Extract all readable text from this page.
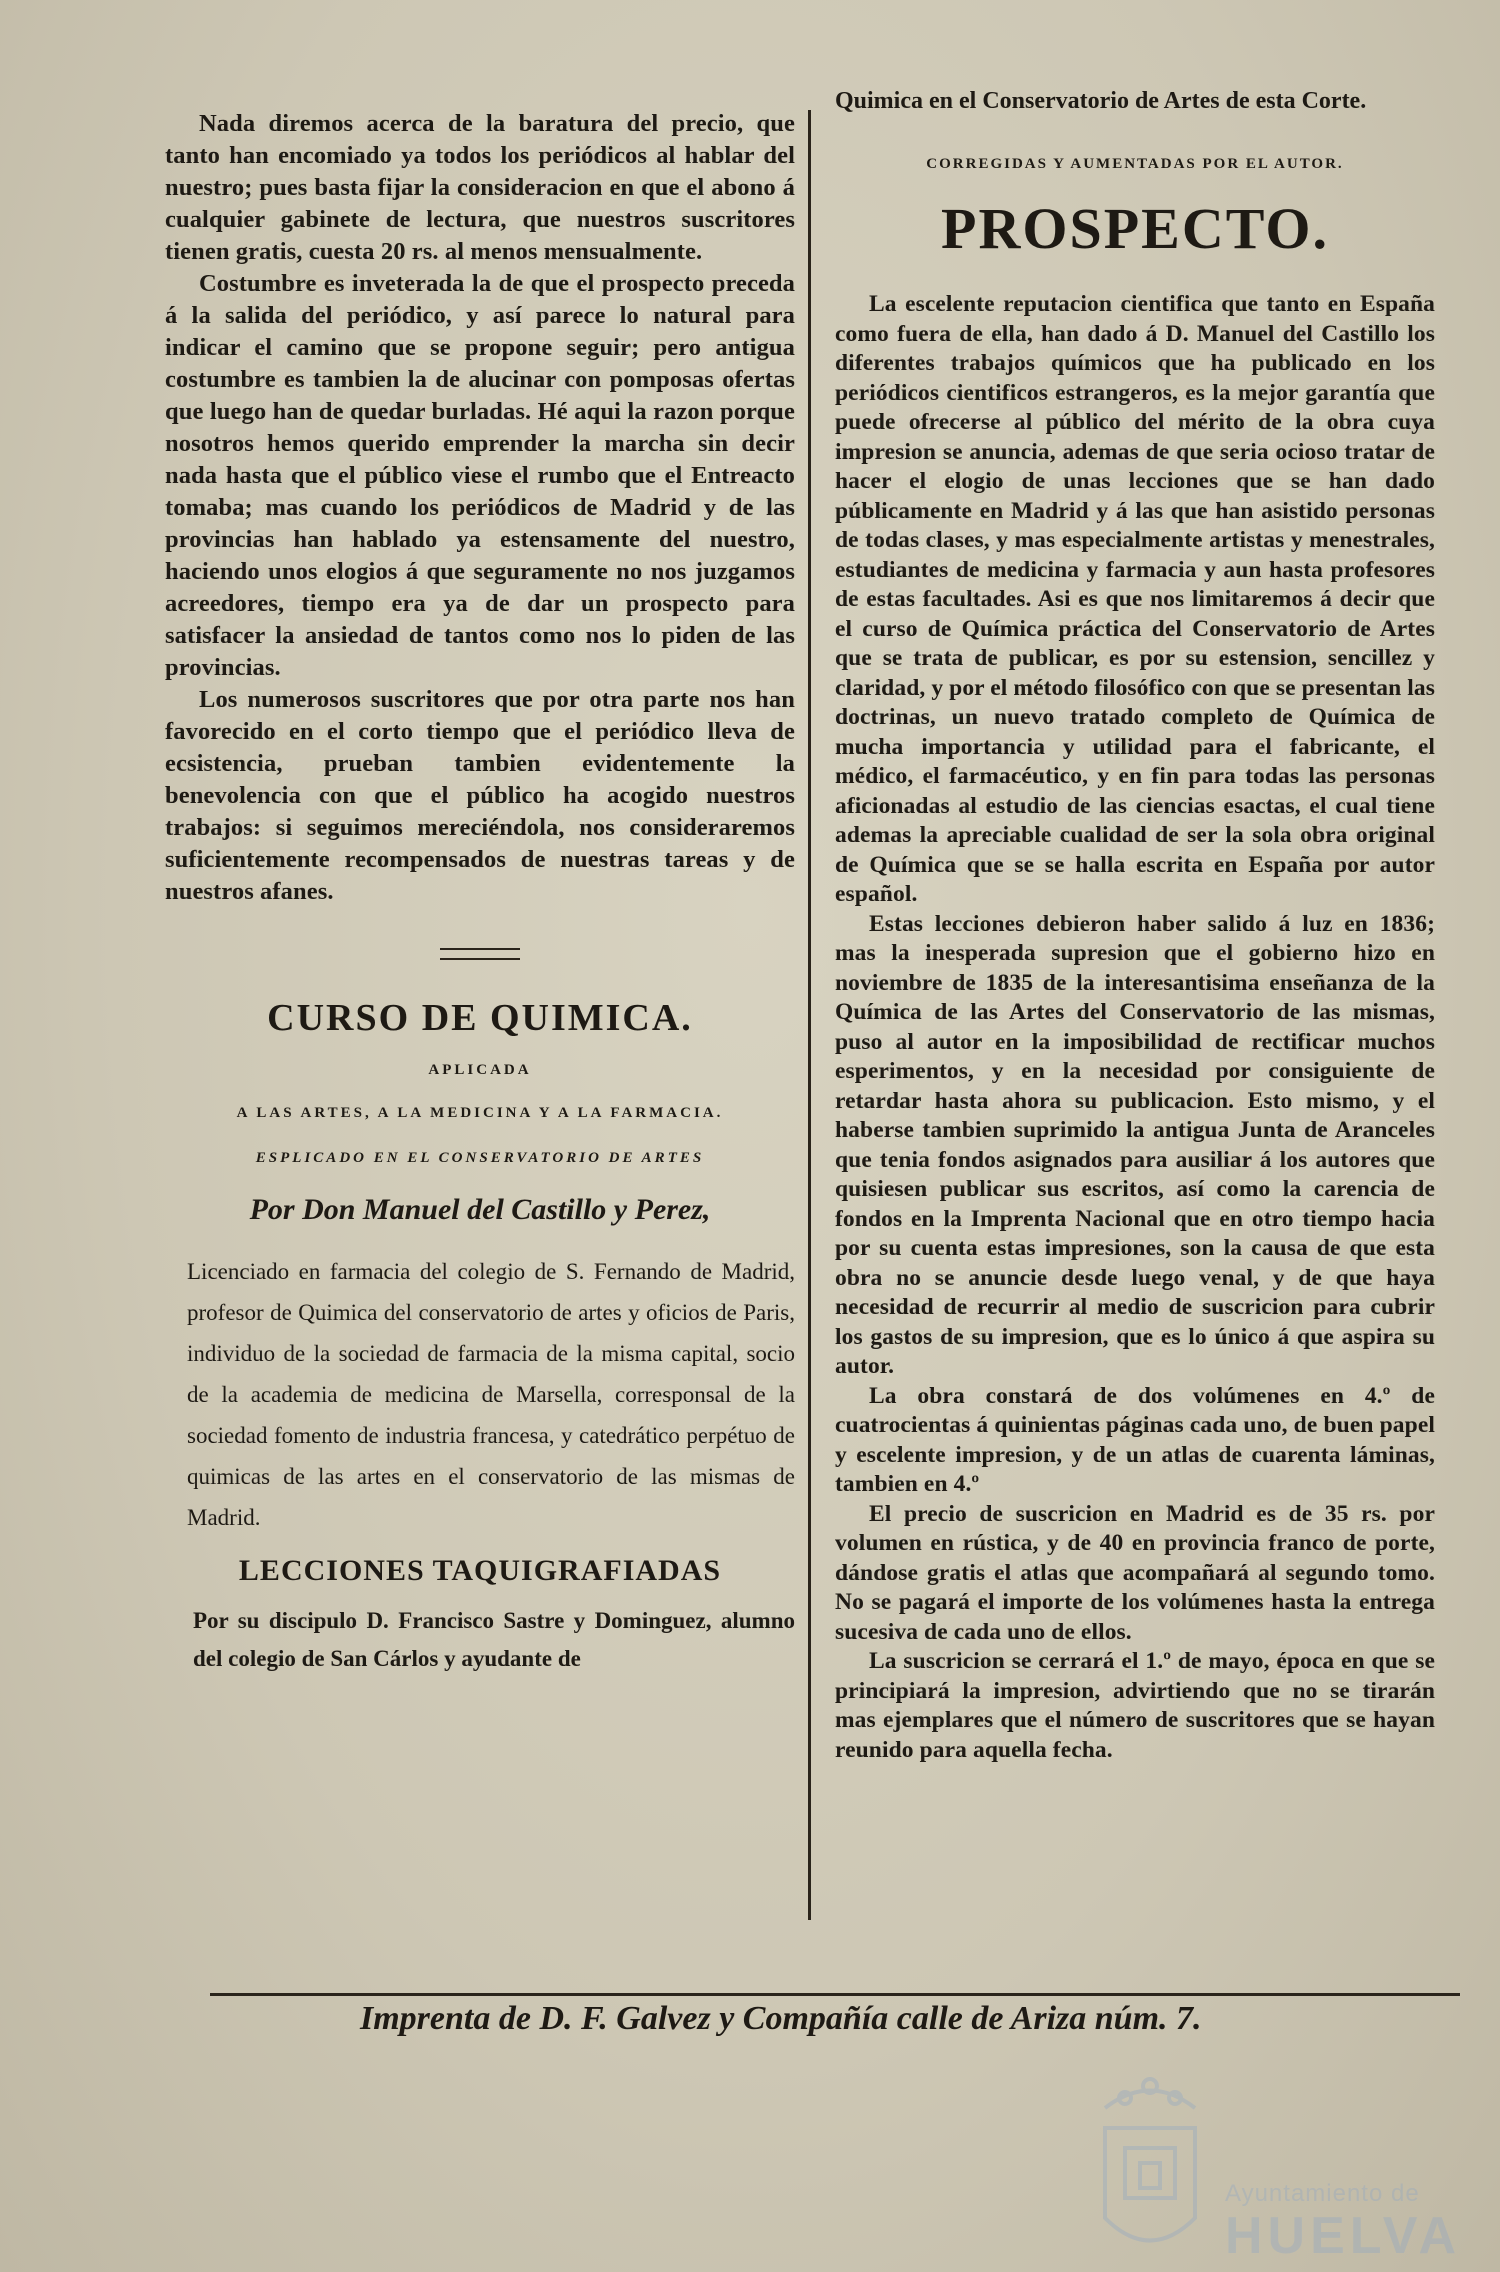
Nada diremos acerca de la baratura del precio, que tanto han encomiado ya todos los periódicos al hablar del nuestro; pues basta fijar la consideracion en que el abono á cualquier gabinete de lectura, que nuestros suscritores tienen gratis, cuesta 20 rs. al menos mensualmente.

Costumbre es inveterada la de que el prospecto preceda á la salida del periódico, y así parece lo natural para indicar el camino que se propone seguir; pero antigua costumbre es tambien la de alucinar con pomposas ofertas que luego han de quedar burladas. Hé aqui la razon porque nosotros hemos querido emprender la marcha sin decir nada hasta que el público viese el rumbo que el Entreacto tomaba; mas cuando los periódicos de Madrid y de las provincias han hablado ya estensamente del nuestro, haciendo unos elogios á que seguramente no nos juzgamos acreedores, tiempo era ya de dar un prospecto para satisfacer la ansiedad de tantos como nos lo piden de las provincias.

Los numerosos suscritores que por otra parte nos han favorecido en el corto tiempo que el periódico lleva de ecsistencia, prueban tambien evidentemente la benevolencia con que el público ha acogido nuestros trabajos: si seguimos mereciéndola, nos consideraremos suficientemente recompensados de nuestras tareas y de nuestros afanes.

CURSO DE QUIMICA.
APLICADA
A LAS ARTES, A LA MEDICINA Y A LA FARMACIA.
ESPLICADO EN EL CONSERVATORIO DE ARTES
Por Don Manuel del Castillo y Perez,
Licenciado en farmacia del colegio de S. Fernando de Madrid, profesor de Quimica del conservatorio de artes y oficios de Paris, individuo de la sociedad de farmacia de la misma capital, socio de la academia de medicina de Marsella, corresponsal de la sociedad fomento de industria francesa, y catedrático perpétuo de quimicas de las artes en el conservatorio de las mismas de Madrid.
LECCIONES TAQUIGRAFIADAS
Por su discipulo D. Francisco Sastre y Dominguez, alumno del colegio de San Cárlos y ayudante de

Quimica en el Conservatorio de Artes de esta Corte.

CORREGIDAS Y AUMENTADAS POR EL AUTOR.
PROSPECTO.

La escelente reputacion cientifica que tanto en España como fuera de ella, han dado á D. Manuel del Castillo los diferentes trabajos químicos que ha publicado en los periódicos cientificos estrangeros, es la mejor garantía que puede ofrecerse al público del mérito de la obra cuya impresion se anuncia, ademas de que seria ocioso tratar de hacer el elogio de unas lecciones que se han dado públicamente en Madrid y á las que han asistido personas de todas clases, y mas especialmente artistas y menestrales, estudiantes de medicina y farmacia y aun hasta profesores de estas facultades. Asi es que nos limitaremos á decir que el curso de Química práctica del Conservatorio de Artes que se trata de publicar, es por su estension, sencillez y claridad, y por el método filosófico con que se presentan las doctrinas, un nuevo tratado completo de Química de mucha importancia y utilidad para el fabricante, el médico, el farmacéutico, y en fin para todas las personas aficionadas al estudio de las ciencias esactas, el cual tiene ademas la apreciable cualidad de ser la sola obra original de Química que se se halla escrita en España por autor español.

Estas lecciones debieron haber salido á luz en 1836; mas la inesperada supresion que el gobierno hizo en noviembre de 1835 de la interesantisima enseñanza de la Química de las Artes del Conservatorio de las mismas, puso al autor en la imposibilidad de rectificar muchos esperimentos, y en la necesidad por consiguiente de retardar hasta ahora su publicacion. Esto mismo, y el haberse tambien suprimido la antigua Junta de Aranceles que tenia fondos asignados para ausiliar á los autores que quisiesen publicar sus escritos, así como la carencia de fondos en la Imprenta Nacional que en otro tiempo hacia por su cuenta estas impresiones, son la causa de que esta obra no se anuncie desde luego venal, y de que haya necesidad de recurrir al medio de suscricion para cubrir los gastos de su impresion, que es lo único á que aspira su autor.

La obra constará de dos volúmenes en 4.º de cuatrocientas á quinientas páginas cada uno, de buen papel y escelente impresion, y de un atlas de cuarenta láminas, tambien en 4.º

El precio de suscricion en Madrid es de 35 rs. por volumen en rústica, y de 40 en provincia franco de porte, dándose gratis el atlas que acompañará al segundo tomo. No se pagará el importe de los volúmenes hasta la entrega sucesiva de cada uno de ellos.

La suscricion se cerrará el 1.º de mayo, época en que se principiará la impresion, advirtiendo que no se tirarán mas ejemplares que el número de suscritores que se hayan reunido para aquella fecha.

Imprenta de D. F. Galvez y Compañía calle de Ariza núm. 7.
Ayuntamiento de
HUELVA
